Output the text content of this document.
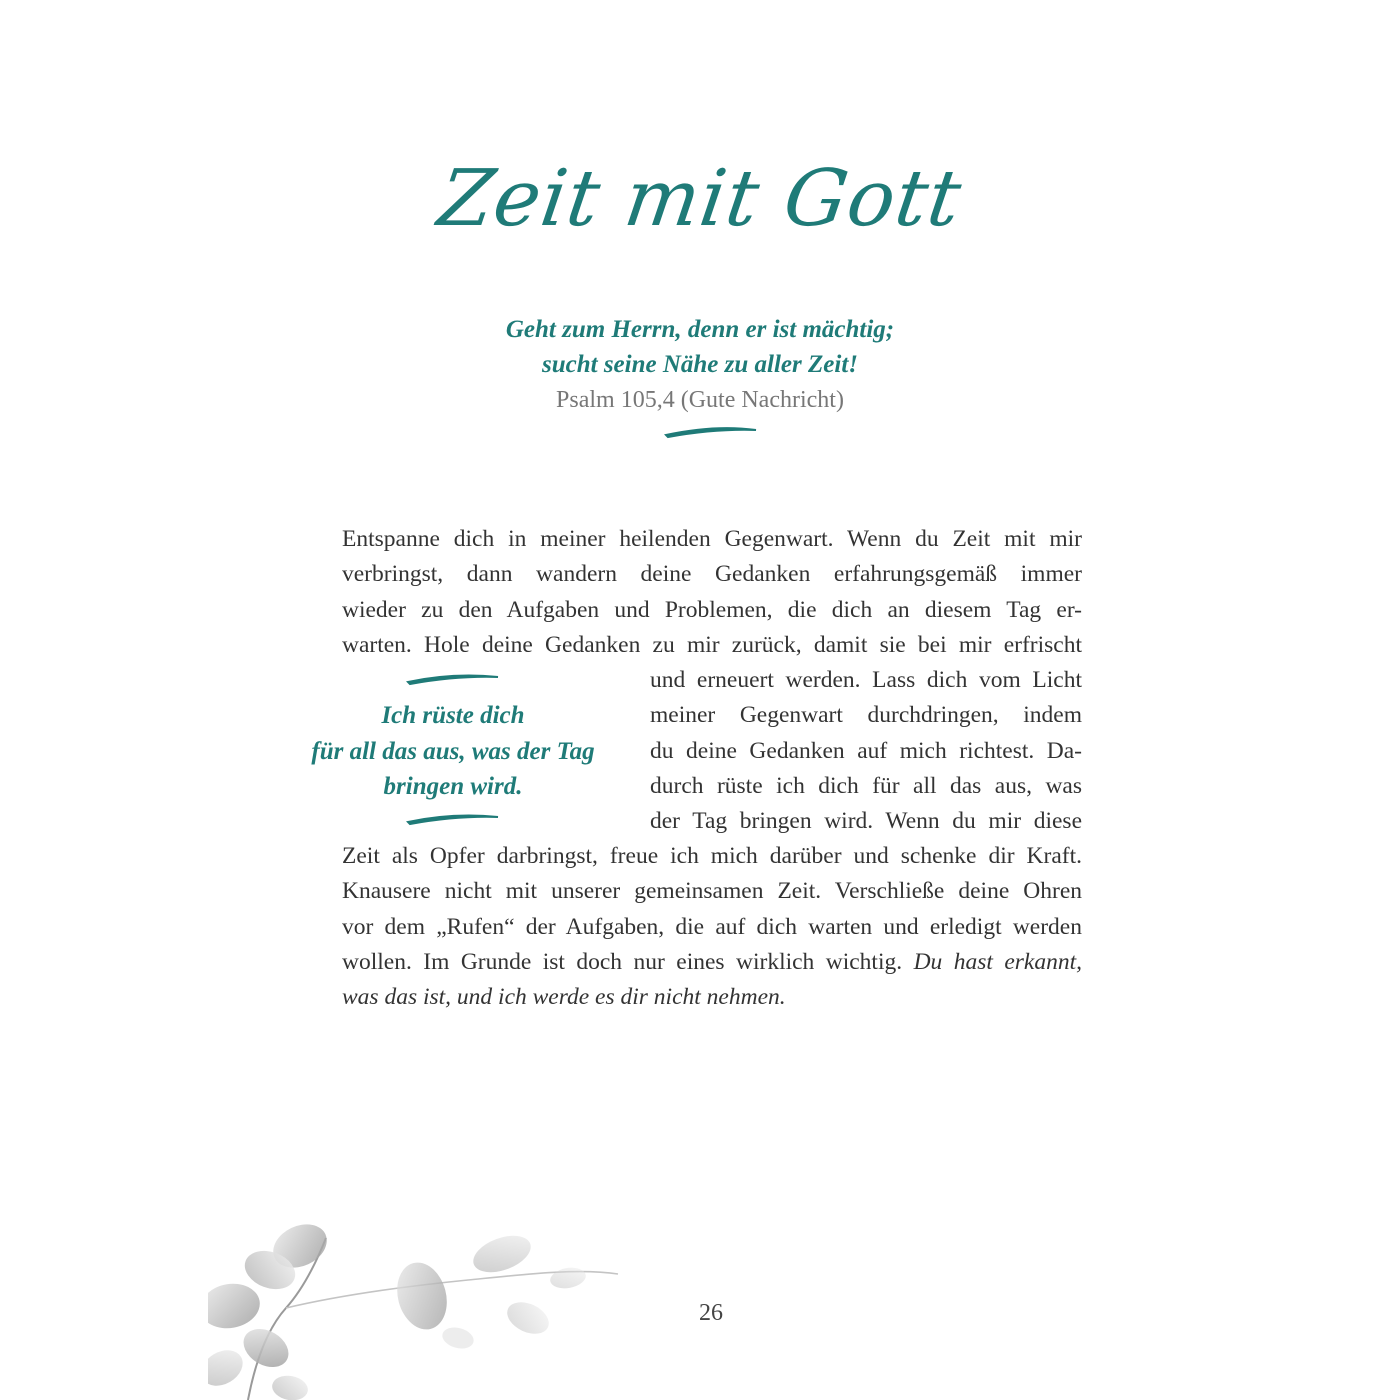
Zeit mit Gott
Geht zum Herrn, denn er ist mächtig;
sucht seine Nähe zu aller Zeit!
Psalm 105,4 (Gute Nachricht)
Entspanne dich in meiner heilenden Gegenwart. Wenn du Zeit mit mir
verbringst, dann wandern deine Gedanken erfahrungsgemäß immer
wieder zu den Aufgaben und Problemen, die dich an diesem Tag er-
warten. Hole deine Gedanken zu mir zurück, damit sie bei mir erfrischt
Ich rüste dich
für all das aus, was der Tag
bringen wird.
und erneuert werden. Lass dich vom Licht
meiner Gegenwart durchdringen, indem
du deine Gedanken auf mich richtest. Da-
durch rüste ich dich für all das aus, was
der Tag bringen wird. Wenn du mir diese
Zeit als Opfer darbringst, freue ich mich darüber und schenke dir Kraft.
Knausere nicht mit unserer gemeinsamen Zeit. Verschließe deine Ohren
vor dem „Rufen“ der Aufgaben, die auf dich warten und erledigt werden
wollen. Im Grunde ist doch nur eines wirklich wichtig. Du hast erkannt,
was das ist, und ich werde es dir nicht nehmen.
26
